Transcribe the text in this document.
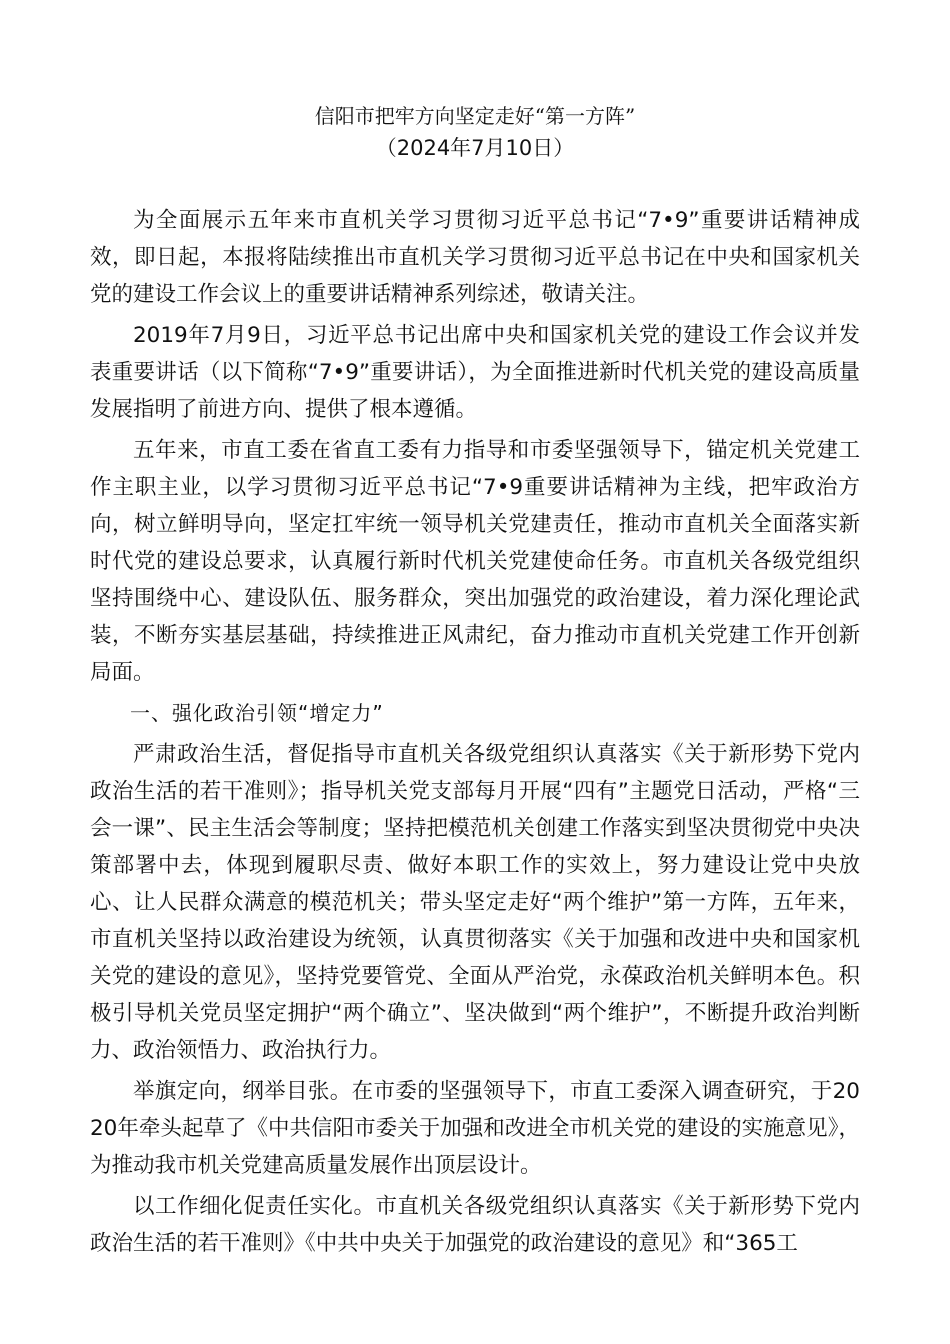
信阳市把牢方向坚定走好“第一方阵”
（2024年7月10日）

为全面展示五年来市直机关学习贯彻习近平总书记“7•9”重要讲话精神成效，即日起，本报将陆续推出市直机关学习贯彻习近平总书记在中央和国家机关党的建设工作会议上的重要讲话精神系列综述，敬请关注。

2019年7月9日，习近平总书记出席中央和国家机关党的建设工作会议并发表重要讲话（以下简称“7•9”重要讲话），为全面推进新时代机关党的建设高质量发展指明了前进方向、提供了根本遵循。

五年来，市直工委在省直工委有力指导和市委坚强领导下，锚定机关党建工作主职主业，以学习贯彻习近平总书记“7•9重要讲话精神为主线，把牢政治方向，树立鲜明导向，坚定扛牢统一领导机关党建责任，推动市直机关全面落实新时代党的建设总要求，认真履行新时代机关党建使命任务。市直机关各级党组织坚持围绕中心、建设队伍、服务群众，突出加强党的政治建设，着力深化理论武装，不断夯实基层基础，持续推进正风肃纪，奋力推动市直机关党建工作开创新局面。

一、强化政治引领“增定力”

严肃政治生活，督促指导市直机关各级党组织认真落实《关于新形势下党内政治生活的若干准则》；指导机关党支部每月开展“四有”主题党日活动，严格“三会一课”、民主生活会等制度；坚持把模范机关创建工作落实到坚决贯彻党中央决策部署中去，体现到履职尽责、做好本职工作的实效上，努力建设让党中央放心、让人民群众满意的模范机关；带头坚定走好“两个维护”第一方阵，五年来，市直机关坚持以政治建设为统领，认真贯彻落实《关于加强和改进中央和国家机关党的建设的意见》，坚持党要管党、全面从严治党，永葆政治机关鲜明本色。积极引导机关党员坚定拥护“两个确立”、坚决做到“两个维护”，不断提升政治判断力、政治领悟力、政治执行力。

举旗定向，纲举目张。在市委的坚强领导下，市直工委深入调查研究，于2020年牵头起草了《中共信阳市委关于加强和改进全市机关党的建设的实施意见》，为推动我市机关党建高质量发展作出顶层设计。

以工作细化促责任实化。市直机关各级党组织认真落实《关于新形势下党内政治生活的若干准则》《中共中央关于加强党的政治建设的意见》和“365工
